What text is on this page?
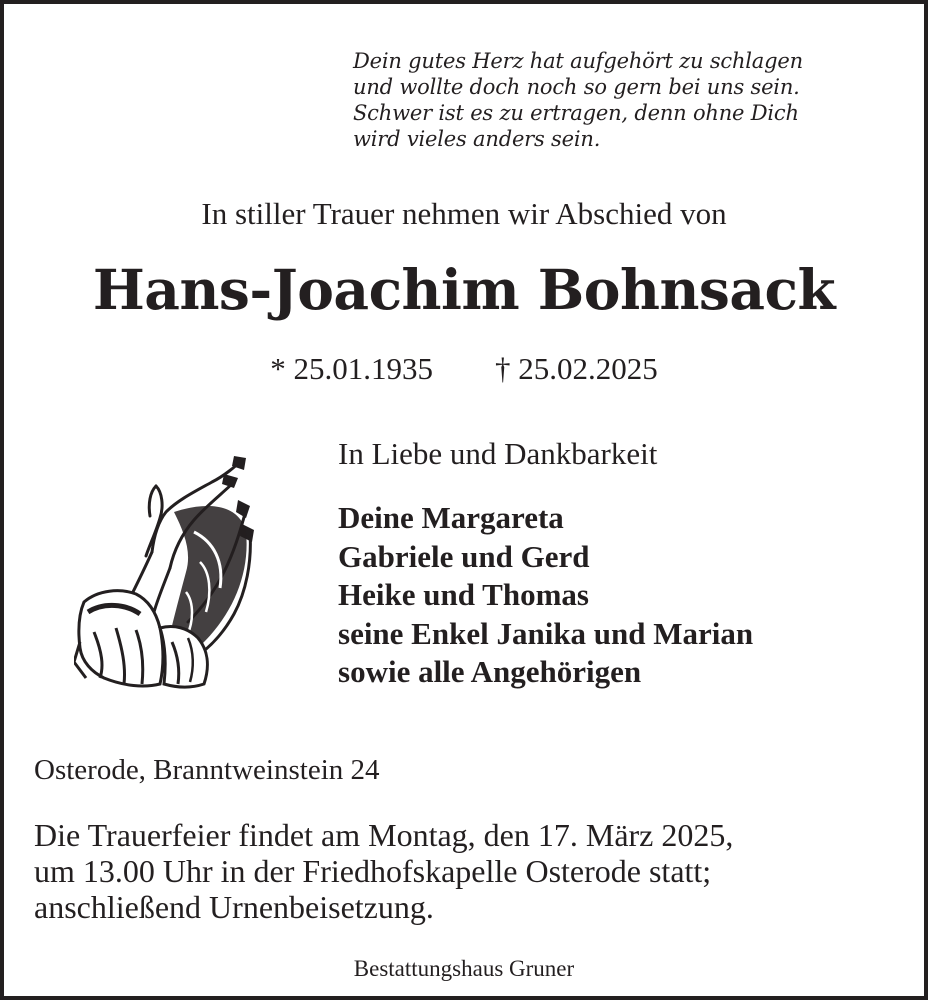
Dein gutes Herz hat aufgehört zu schlagen
und wollte doch noch so gern bei uns sein.
Schwer ist es zu ertragen, denn ohne Dich
wird vieles anders sein.
In stiller Trauer nehmen wir Abschied von
Hans-Joachim Bohnsack
* 25.01.1935 † 25.02.2025
In Liebe und Dankbarkeit
Deine Margareta
Gabriele und Gerd
Heike und Thomas
seine Enkel Janika und Marian
sowie alle Angehörigen
Osterode, Branntweinstein 24
Die Trauerfeier findet am Montag, den 17. März 2025,
um 13.00 Uhr in der Friedhofskapelle Osterode statt;
anschließend Urnenbeisetzung.
Bestattungshaus Gruner
